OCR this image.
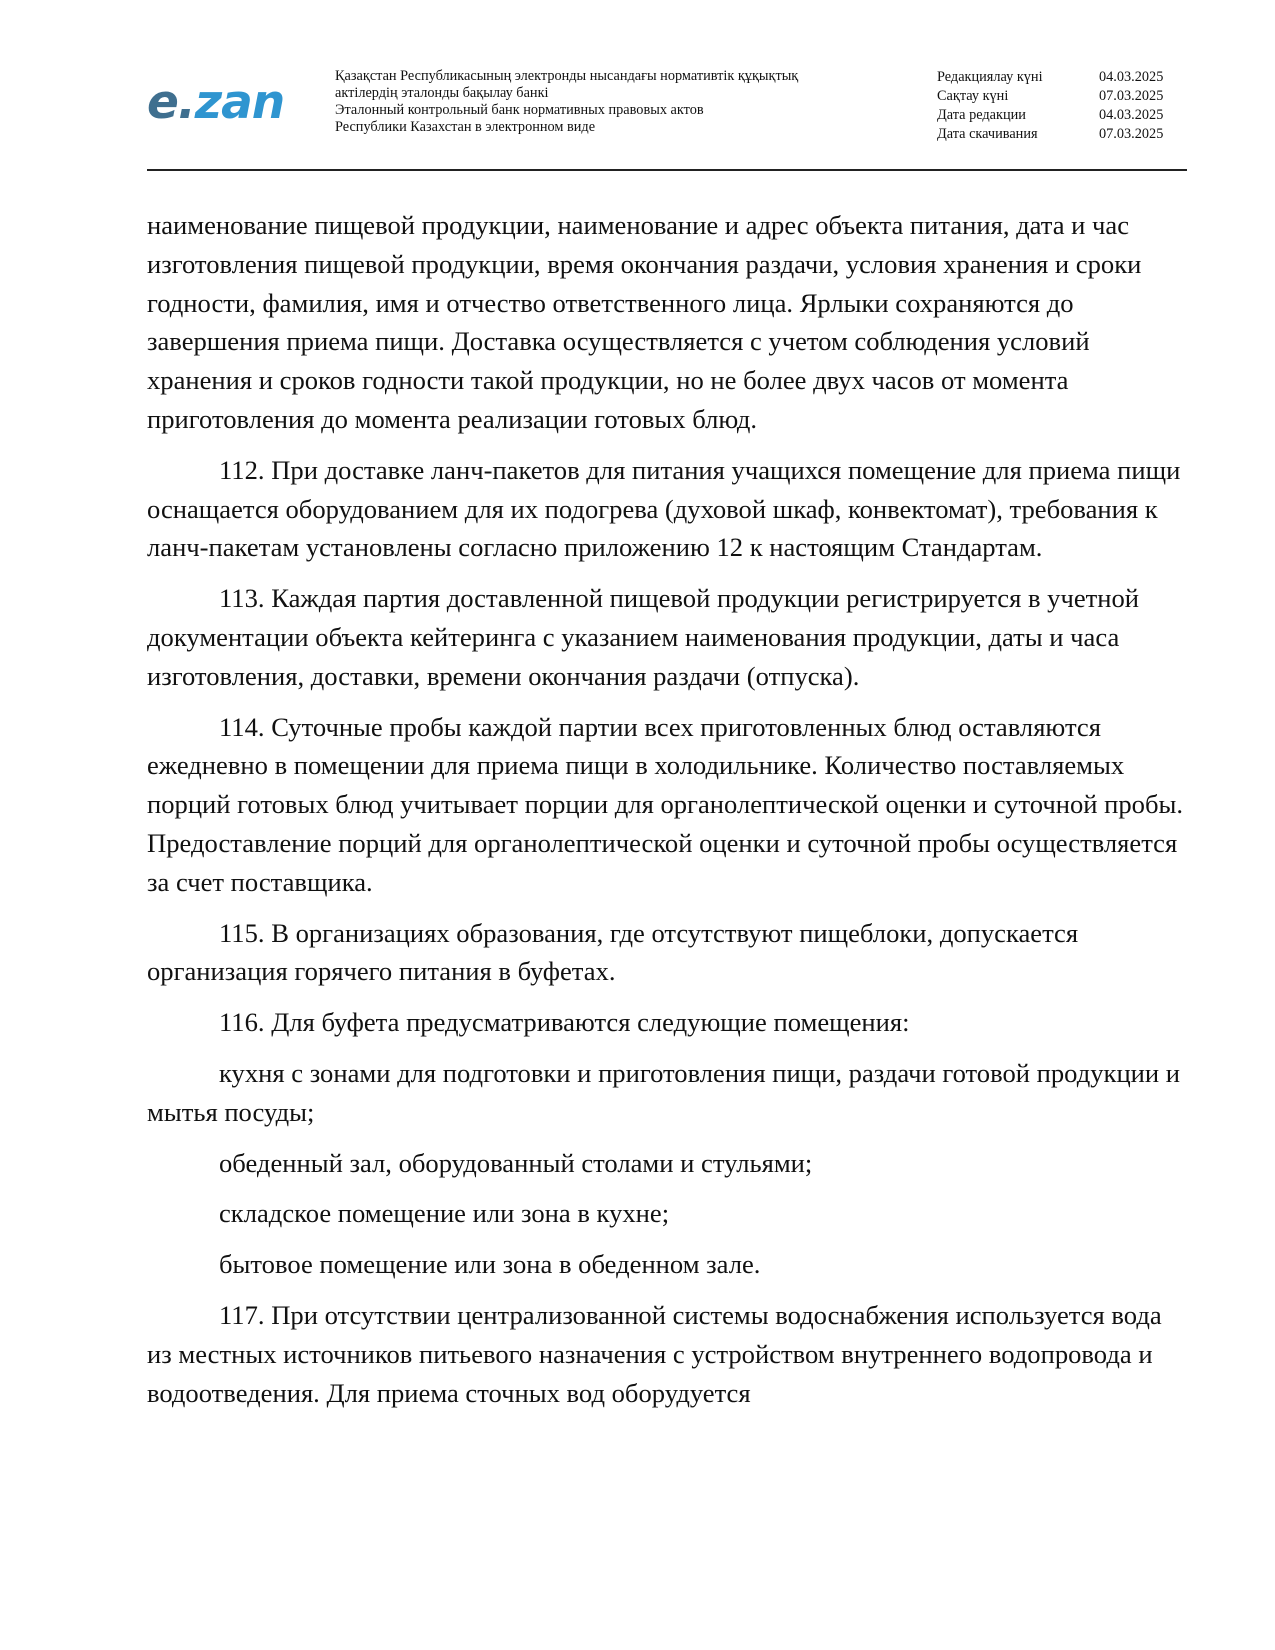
e.zan	Қазақстан Республикасының электронды нысандағы нормативтік құқықтық
актілердің эталонды бақылау банкі
Эталонный контрольный банк нормативных правовых актов
Республики Казахстан в электронном виде
Редакциялау күні	04.03.2025
Сақтау күні	07.03.2025
Дата редакции	04.03.2025
Дата скачивания	07.03.2025

наименование пищевой продукции, наименование и адрес объекта питания, дата и час изготовления пищевой продукции, время окончания раздачи, условия хранения и сроки годности, фамилия, имя и отчество ответственного лица. Ярлыки сохраняются до завершения приема пищи. Доставка осуществляется с учетом соблюдения условий хранения и сроков годности такой продукции, но не более двух часов от момента приготовления до момента реализации готовых блюд.

112. При доставке ланч-пакетов для питания учащихся помещение для приема пищи оснащается оборудованием для их подогрева (духовой шкаф, конвектомат), требования к ланч-пакетам установлены согласно приложению 12 к настоящим Стандартам.

113. Каждая партия доставленной пищевой продукции регистрируется в учетной документации объекта кейтеринга с указанием наименования продукции, даты и часа изготовления, доставки, времени окончания раздачи (отпуска).

114. Суточные пробы каждой партии всех приготовленных блюд оставляются ежедневно в помещении для приема пищи в холодильнике. Количество поставляемых порций готовых блюд учитывает порции для органолептической оценки и суточной пробы. Предоставление порций для органолептической оценки и суточной пробы осуществляется за счет поставщика.

115. В организациях образования, где отсутствуют пищеблоки, допускается организация горячего питания в буфетах.

116. Для буфета предусматриваются следующие помещения:

кухня с зонами для подготовки и приготовления пищи, раздачи готовой продукции и мытья посуды;

обеденный зал, оборудованный столами и стульями;

складское помещение или зона в кухне;

бытовое помещение или зона в обеденном зале.

117. При отсутствии централизованной системы водоснабжения используется вода из местных источников питьевого назначения с устройством внутреннего водопровода и водоотведения. Для приема сточных вод оборудуется
